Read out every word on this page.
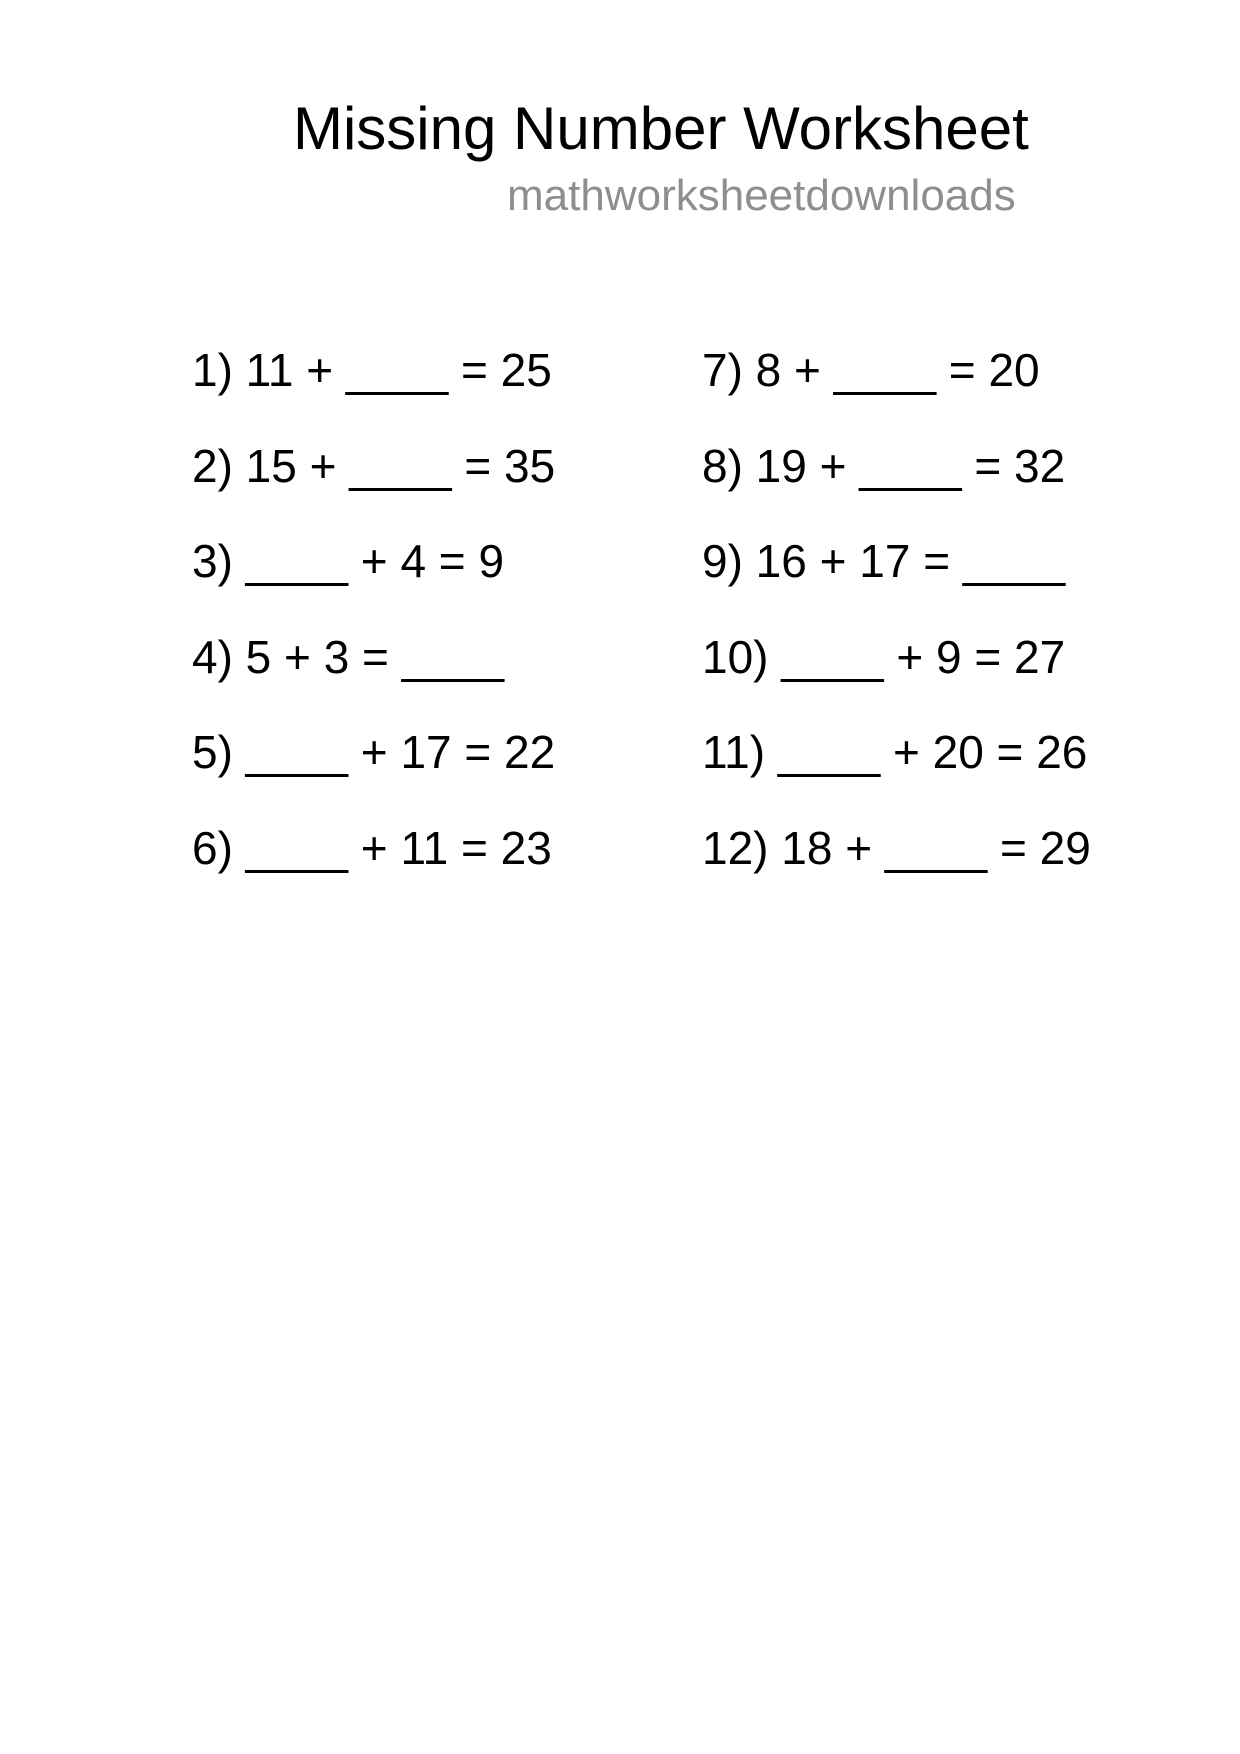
Missing Number Worksheet
mathworksheetdownloads
1) 11 + ____ = 25
2) 15 + ____ = 35
3) ____ + 4 = 9
4) 5 + 3 = ____
5) ____ + 17 = 22
6) ____ + 11 = 23
7) 8 + ____ = 20
8) 19 + ____ = 32
9) 16 + 17 = ____
10) ____ + 9 = 27
11) ____ + 20 = 26
12) 18 + ____ = 29
